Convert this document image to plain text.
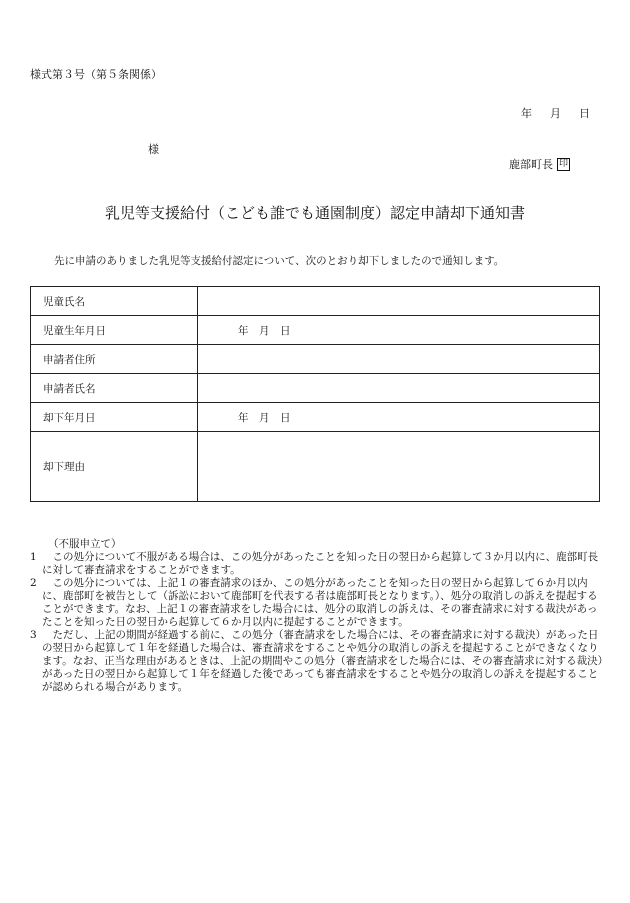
様式第３号（第５条関係）
年 月 日
様
鹿部町長 印
乳児等支援給付（こども誰でも通園制度）認定申請却下通知書
先に申請のありました乳児等支援給付認定について、次のとおり却下しましたので通知します。
児童氏名	
児童生年月日	年　月　日
申請者住所	
申請者氏名	
却下年月日	年　月　日
却下理由	
（不服申立て）
1 　この処分について不服がある場合は、この処分があったことを知った日の翌日から起算して３か月以内に、鹿部町長に対して審査請求をすることができます。
2 　この処分については、上記１の審査請求のほか、この処分があったことを知った日の翌日から起算して６か月以内に、鹿部町を被告として（訴訟において鹿部町を代表する者は鹿部町長となります。）、処分の取消しの訴えを提起することができます。なお、上記１の審査請求をした場合には、処分の取消しの訴えは、その審査請求に対する裁決があったことを知った日の翌日から起算して６か月以内に提起することができます。
3 　ただし、上記の期間が経過する前に、この処分（審査請求をした場合には、その審査請求に対する裁決）があった日の翌日から起算して１年を経過した場合は、審査請求をすることや処分の取消しの訴えを提起することができなくなります。なお、正当な理由があるときは、上記の期間やこの処分（審査請求をした場合には、その審査請求に対する裁決）があった日の翌日から起算して１年を経過した後であっても審査請求をすることや処分の取消しの訴えを提起することが認められる場合があります。
